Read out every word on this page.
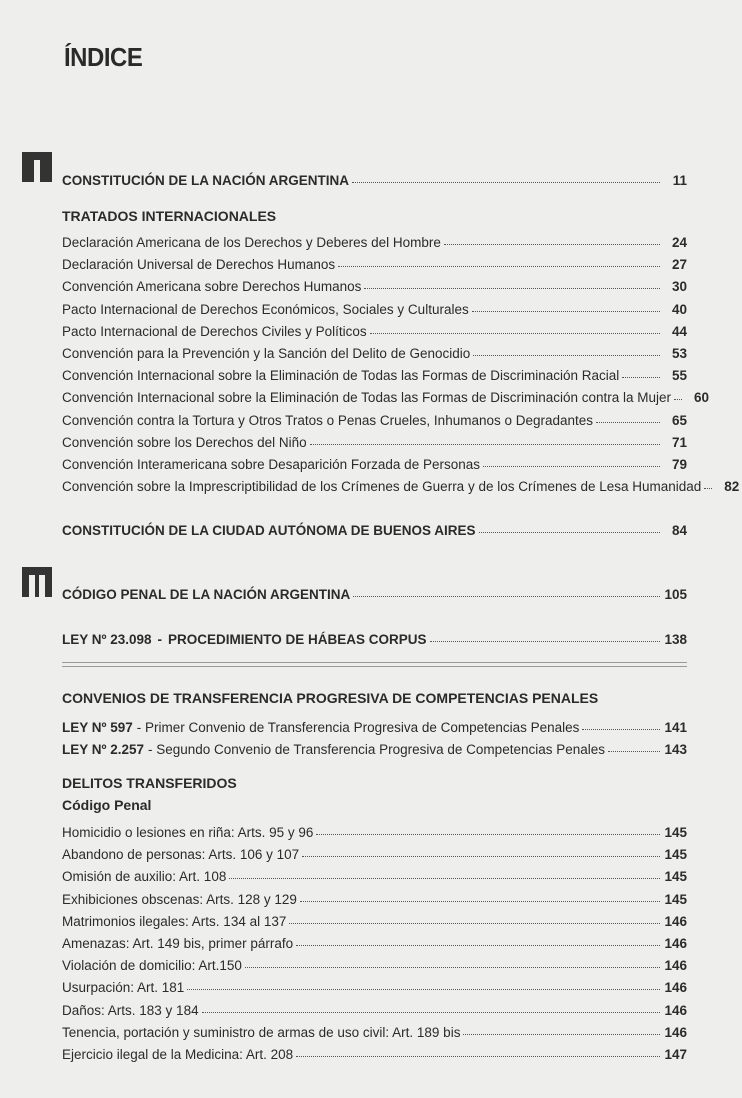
ÍNDICE
CONSTITUCIÓN DE LA NACIÓN ARGENTINA	11
TRATADOS INTERNACIONALES
Declaración Americana de los Derechos y Deberes del Hombre	24
Declaración Universal de Derechos Humanos	27
Convención Americana sobre Derechos Humanos	30
Pacto Internacional de Derechos Económicos, Sociales y Culturales	40
Pacto Internacional de Derechos Civiles y Políticos	44
Convención para la Prevención y la Sanción del Delito de Genocidio	53
Convención Internacional sobre la Eliminación de Todas las Formas de Discriminación Racial	55
Convención Internacional sobre la Eliminación de Todas las Formas de Discriminación contra la Mujer	60
Convención contra la Tortura y Otros Tratos o Penas Crueles, Inhumanos o Degradantes	65
Convención sobre los Derechos del Niño	71
Convención Interamericana sobre Desaparición Forzada de Personas	79
Convención sobre la Imprescriptibilidad de los Crímenes de Guerra y de los Crímenes de Lesa Humanidad	82
CONSTITUCIÓN DE LA CIUDAD AUTÓNOMA DE BUENOS AIRES	84
CÓDIGO PENAL DE LA NACIÓN ARGENTINA	105
LEY Nº 23.098 - PROCEDIMIENTO DE HÁBEAS CORPUS	138
CONVENIOS DE TRANSFERENCIA PROGRESIVA DE COMPETENCIAS PENALES
LEY Nº 597 - Primer Convenio de Transferencia Progresiva de Competencias Penales	141
LEY Nº 2.257 - Segundo Convenio de Transferencia Progresiva de Competencias Penales	143
DELITOS TRANSFERIDOS
Código Penal
Homicidio o lesiones en riña: Arts. 95 y 96	145
Abandono de personas: Arts. 106 y 107	145
Omisión de auxilio: Art. 108	145
Exhibiciones obscenas: Arts. 128 y 129	145
Matrimonios ilegales: Arts. 134 al 137	146
Amenazas: Art. 149 bis, primer párrafo	146
Violación de domicilio: Art.150	146
Usurpación: Art. 181	146
Daños: Arts. 183 y 184	146
Tenencia, portación y suministro de armas de uso civil: Art. 189 bis	146
Ejercicio ilegal de la Medicina: Art. 208	147
